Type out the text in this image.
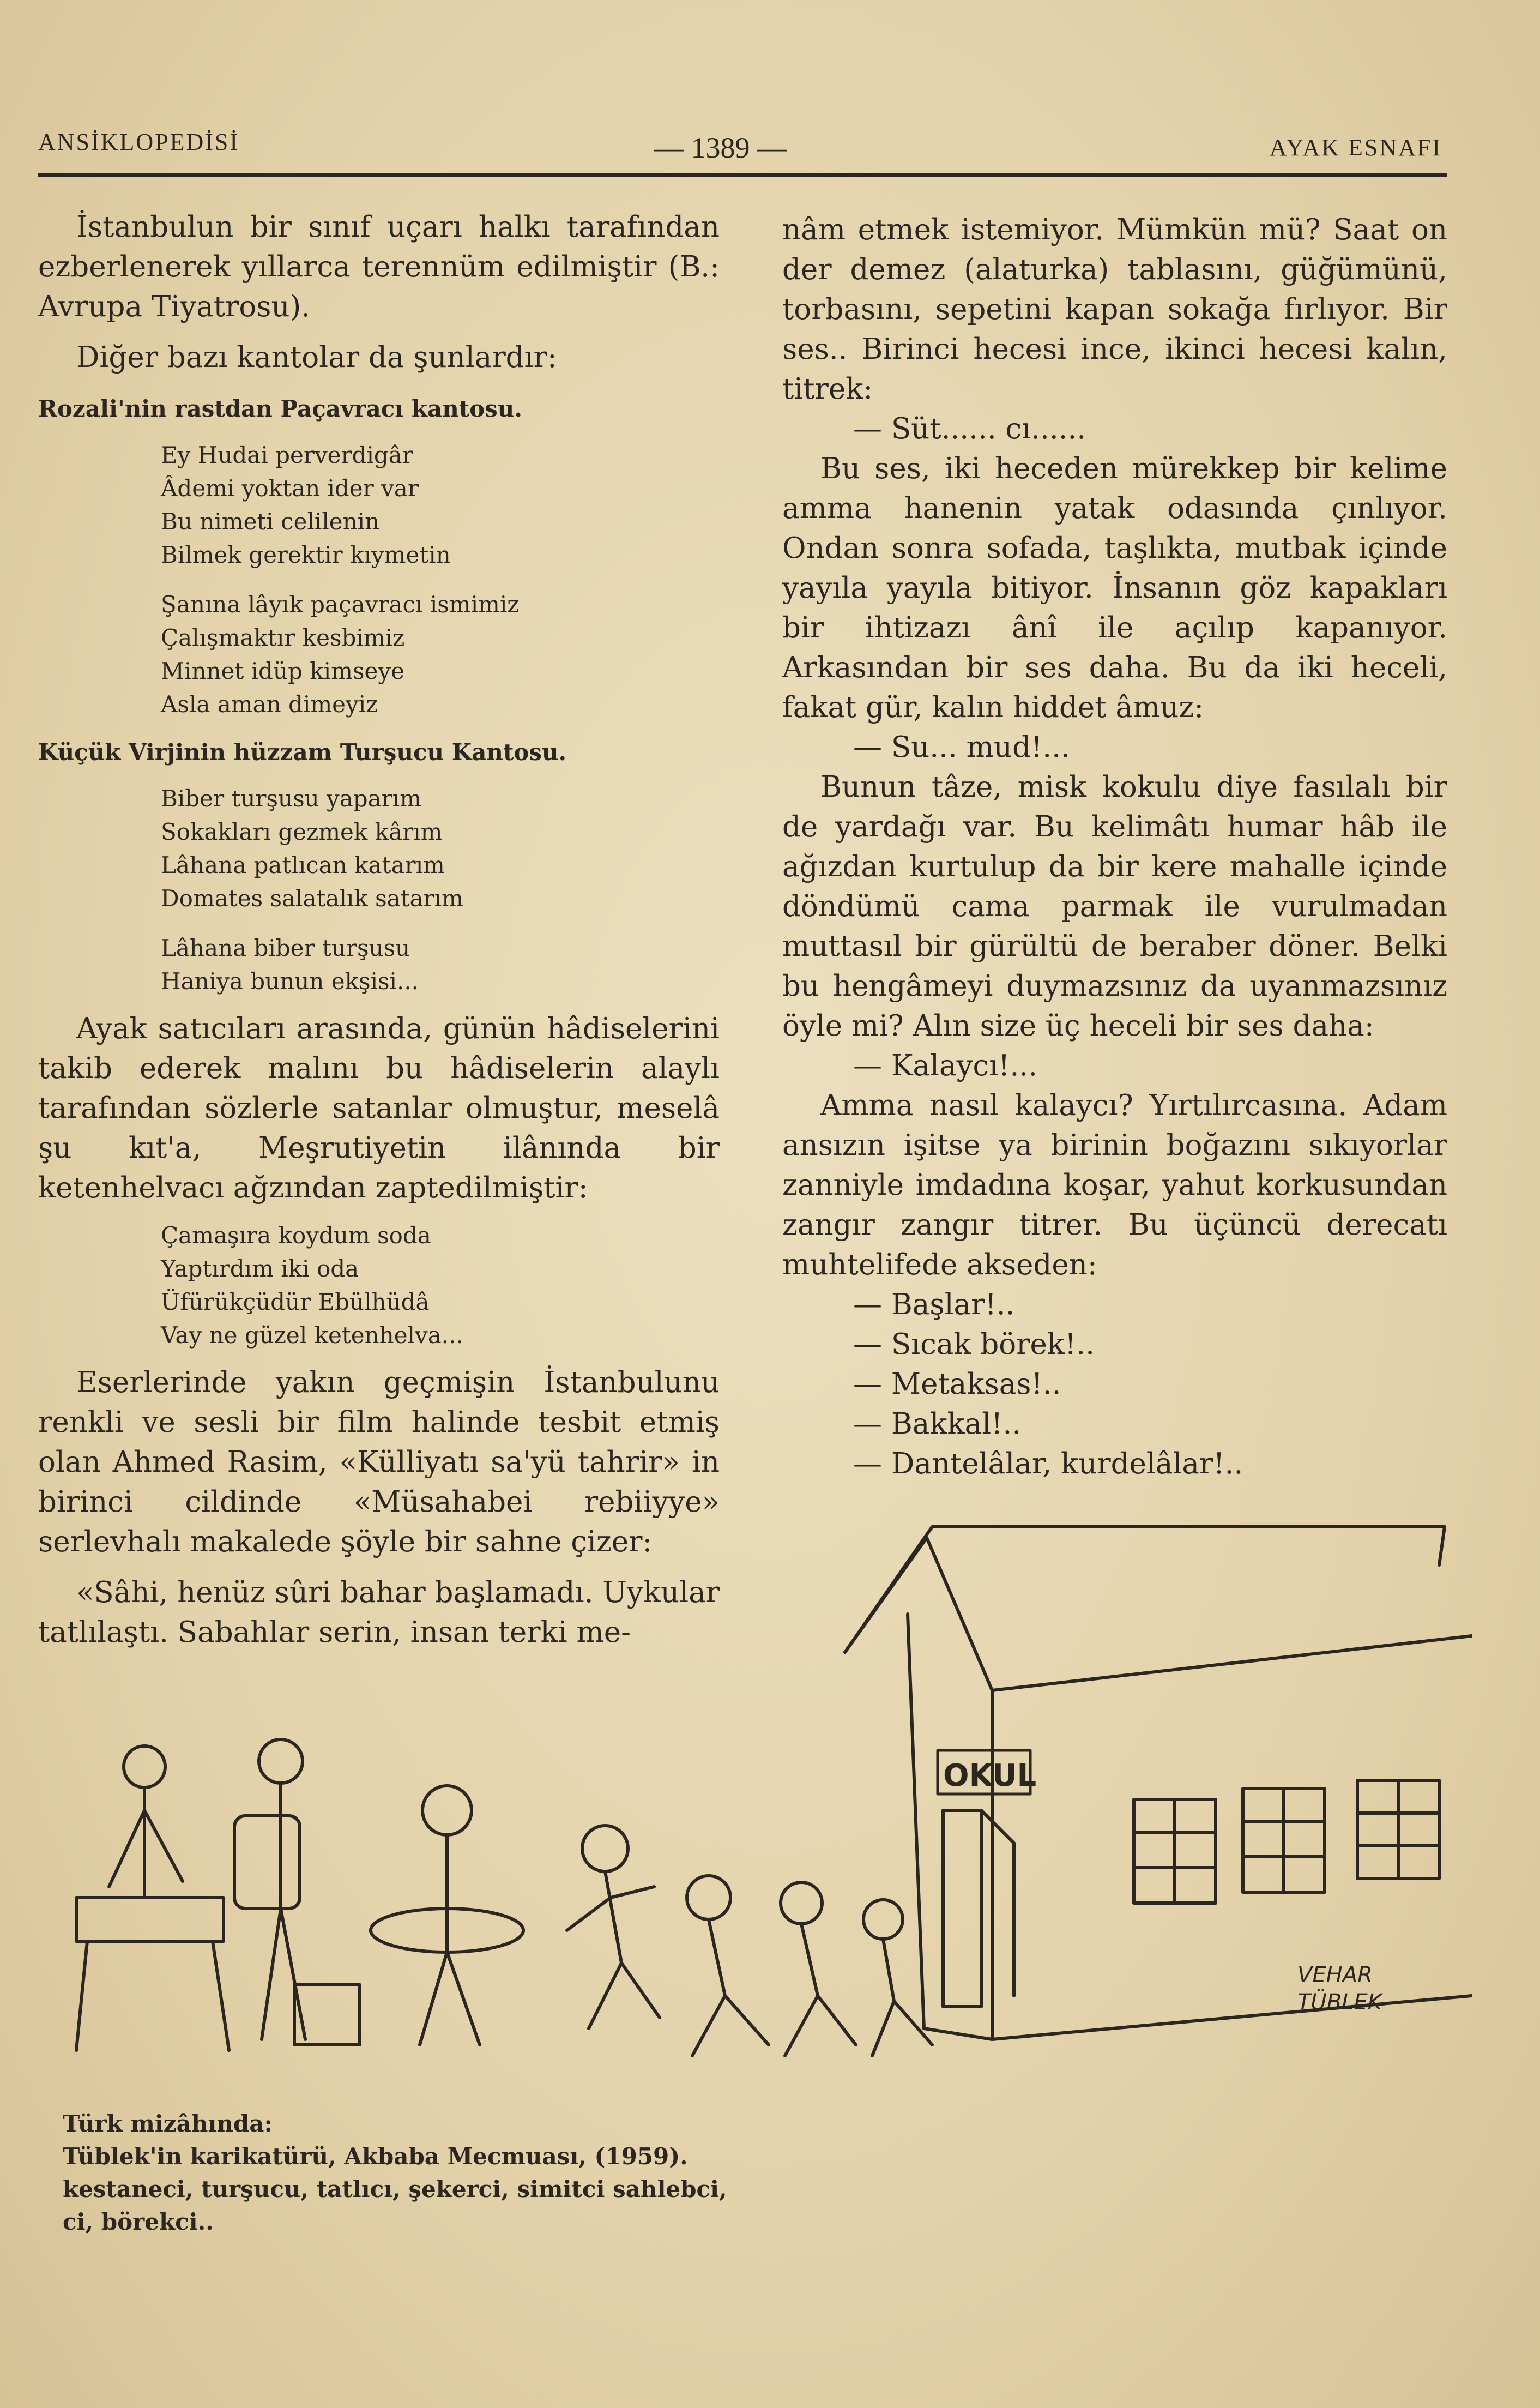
ANSİKLOPEDİSİ	— 1389 —	AYAK ESNAFI

İstanbulun bir sınıf uçarı halkı tarafından ezberlenerek yıllarca terennüm edilmiştir (B.: Avrupa Tiyatrosu).

Diğer bazı kantolar da şunlardır:

Rozali'nin rastdan Paçavracı kantosu.
Ey Hudai perverdigâr
Âdemi yoktan ider var
Bu nimeti celilenin
Bilmek gerektir kıymetin
Şanına lâyık paçavracı ismimiz
Çalışmaktır kesbimiz
Minnet idüp kimseye
Asla aman dimeyiz
Küçük Virjinin hüzzam Turşucu Kantosu.
Biber turşusu yaparım
Sokakları gezmek kârım
Lâhana patlıcan katarım
Domates salatalık satarım
Lâhana biber turşusu
Haniya bunun ekşisi...

Ayak satıcıları arasında, günün hâdiselerini takib ederek malını bu hâdiselerin alaylı tarafından sözlerle satanlar olmuştur, meselâ şu kıt'a, Meşrutiyetin ilânında bir ketenhelvacı ağzından zaptedilmiştir:

Çamaşıra koydum soda
Yaptırdım iki oda
Üfürükçüdür Ebülhüdâ
Vay ne güzel ketenhelva...

Eserlerinde yakın geçmişin İstanbulunu renkli ve sesli bir film halinde tesbit etmiş olan Ahmed Rasim, «Külliyatı sa'yü tahrir» in birinci cildinde «Müsahabei rebiiyye» serlevhalı makalede şöyle bir sahne çizer:

«Sâhi, henüz sûri bahar başlamadı. Uykular tatlılaştı. Sabahlar serin, insan terki me-

nâm etmek istemiyor. Mümkün mü? Saat on der demez (alaturka) tablasını, güğümünü, torbasını, sepetini kapan sokağa fırlıyor. Bir ses.. Birinci hecesi ince, ikinci hecesi kalın, titrek:

— Süt...... cı......

Bu ses, iki heceden mürekkep bir kelime amma hanenin yatak odasında çınlıyor. Ondan sonra sofada, taşlıkta, mutbak içinde yayıla yayıla bitiyor. İnsanın göz kapakları bir ihtizazı ânî ile açılıp kapanıyor. Arkasından bir ses daha. Bu da iki heceli, fakat gür, kalın hiddet âmuz:

— Su... mud!...

Bunun tâze, misk kokulu diye fasılalı bir de yardağı var. Bu kelimâtı humar hâb ile ağızdan kurtulup da bir kere mahalle içinde döndümü cama parmak ile vurulmadan muttasıl bir gürültü de beraber döner. Belki bu hengâmeyi duymazsınız da uyanmazsınız öyle mi? Alın size üç heceli bir ses daha:

— Kalaycı!...

Amma nasıl kalaycı? Yırtılırcasına. Adam ansızın işitse ya birinin boğazını sıkıyorlar zanniyle imdadına koşar, yahut korkusundan zangır zangır titrer. Bu üçüncü derecatı muhtelifede akseden:

— Başlar!..
— Sıcak börek!..
— Metaksas!..
— Bakkal!..
— Dantelâlar, kurdelâlar!..
OKUL
VEHAR
TÜBLEK
Türk mizâhında:
Tüblek'in karikatürü, Akbaba Mecmuası, (1959).
kestaneci, turşucu, tatlıcı, şekerci, simitci sahlebci,
ci, börekci..
